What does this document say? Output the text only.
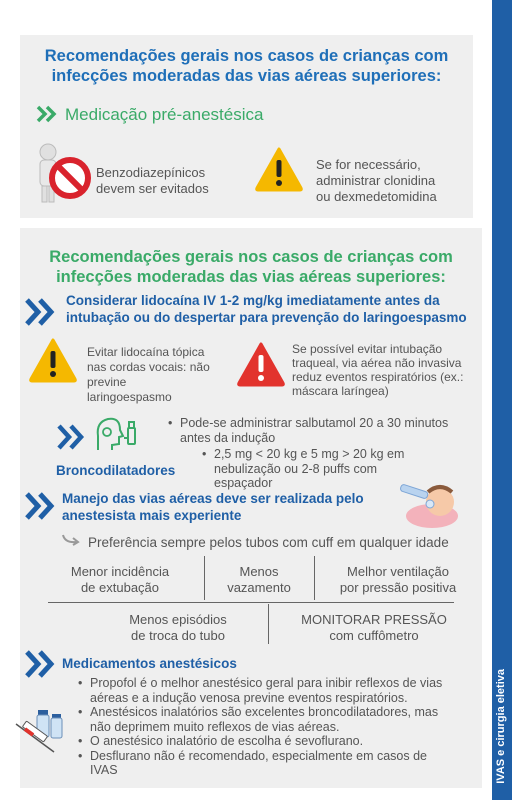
IVAS e cirurgia eletiva
Recomendações gerais nos casos de crianças com
infecções moderadas das vias aéreas superiores:
Medicação pré-anestésica
Benzodiazepínicos
devem ser evitados
Se for necessário,
administrar clonidina
ou dexmedetomidina
Recomendações gerais nos casos de crianças com
infecções moderadas das vias aéreas superiores:
Considerar lidocaína IV 1-2 mg/kg imediatamente antes da
intubação ou do despertar para prevenção do laringoespasmo
Evitar lidocaína tópica
nas cordas vocais: não
previne
laringoespasmo
Se possível evitar intubação
traqueal, via aérea não invasiva
reduz eventos respiratórios (ex.:
máscara laríngea)
Broncodilatadores
• Pode-se administrar salbutamol 20 a 30 minutos
antes da indução
• 2,5 mg < 20 kg e 5 mg > 20 kg em
nebulização ou 2-8 puffs com
espaçador
Manejo das vias aéreas deve ser realizada pelo
anestesista mais experiente
Preferência sempre pelos tubos com cuff em qualquer idade
Menor incidência
de extubação
Menos
vazamento
Melhor ventilação
por pressão positiva
Menos episódios
de troca do tubo
MONITORAR PRESSÃO
com cuffômetro
Medicamentos anestésicos
• Propofol é o melhor anestésico geral para inibir reflexos de vias
aéreas e a indução venosa previne eventos respiratórios.
• Anestésicos inalatórios são excelentes broncodilatadores, mas
não deprimem muito reflexos de vias aéreas.
• O anestésico inalatório de escolha é sevoflurano.
• Desflurano não é recomendado, especialmente em casos de
IVAS
